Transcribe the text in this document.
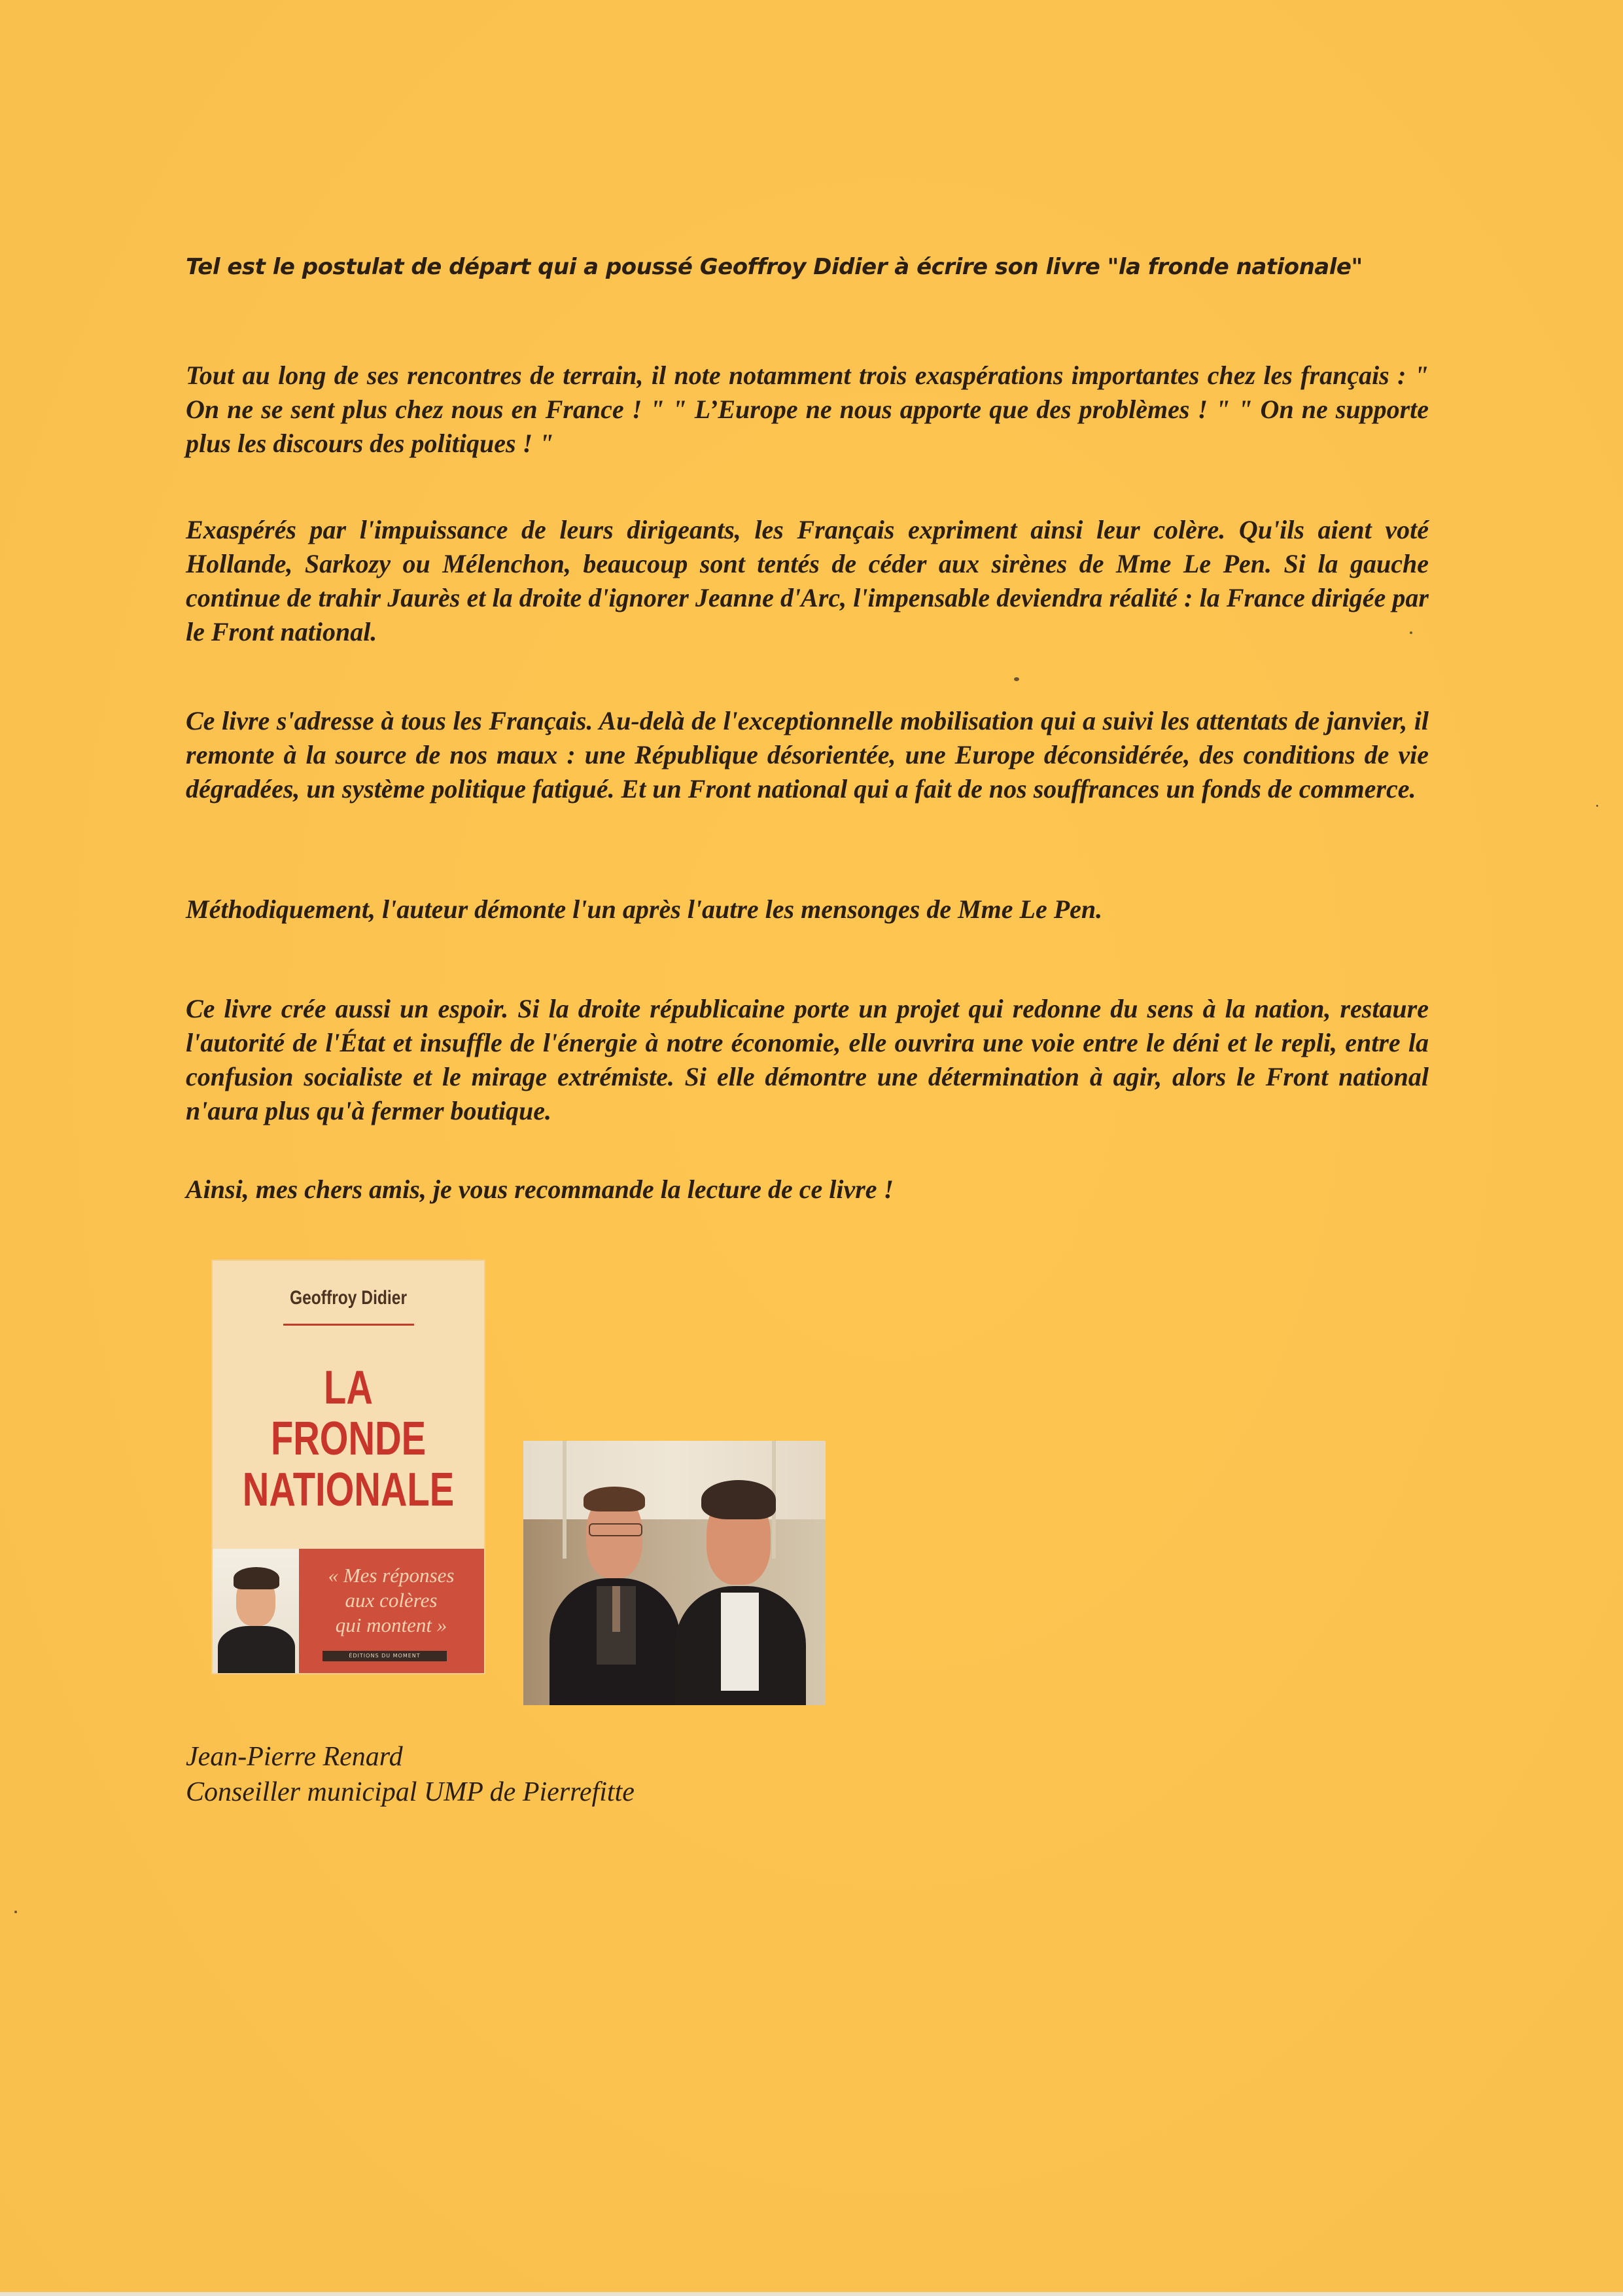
Tel est le postulat de départ qui a poussé Geoffroy Didier à écrire son livre "la fronde nationale"

Tout au long de ses rencontres de terrain, il note notamment trois exaspérations importantes chez les français : " On ne se sent plus chez nous en France ! " " L’Europe ne nous apporte que des problèmes ! " " On ne supporte plus les discours des politiques ! "

Exaspérés par l'impuissance de leurs dirigeants, les Français expriment ainsi leur colère. Qu'ils aient voté Hollande, Sarkozy ou Mélenchon, beaucoup sont tentés de céder aux sirènes de Mme Le Pen. Si la gauche continue de trahir Jaurès et la droite d'ignorer Jeanne d'Arc, l'impensable deviendra réalité : la France dirigée par le Front national.

Ce livre s'adresse à tous les Français. Au-delà de l'exceptionnelle mobilisation qui a suivi les attentats de janvier, il remonte à la source de nos maux : une République désorientée, une Europe déconsidérée, des conditions de vie dégradées, un système politique fatigué. Et un Front national qui a fait de nos souffrances un fonds de commerce.

Méthodiquement, l'auteur démonte l'un après l'autre les mensonges de Mme Le Pen.

Ce livre crée aussi un espoir. Si la droite républicaine porte un projet qui redonne du sens à la nation, restaure l'autorité de l'État et insuffle de l'énergie à notre économie, elle ouvrira une voie entre le déni et le repli, entre la confusion socialiste et le mirage extrémiste. Si elle démontre une détermination à agir, alors le Front national n'aura plus qu'à fermer boutique.

Ainsi, mes chers amis, je vous recommande la lecture de ce livre !

Geoffroy Didier
LA FRONDE
NATIONALE
« Mes réponses
aux colères
qui montent »
ÉDITIONS DU MOMENT
Jean-Pierre Renard
Conseiller municipal UMP de Pierrefitte
